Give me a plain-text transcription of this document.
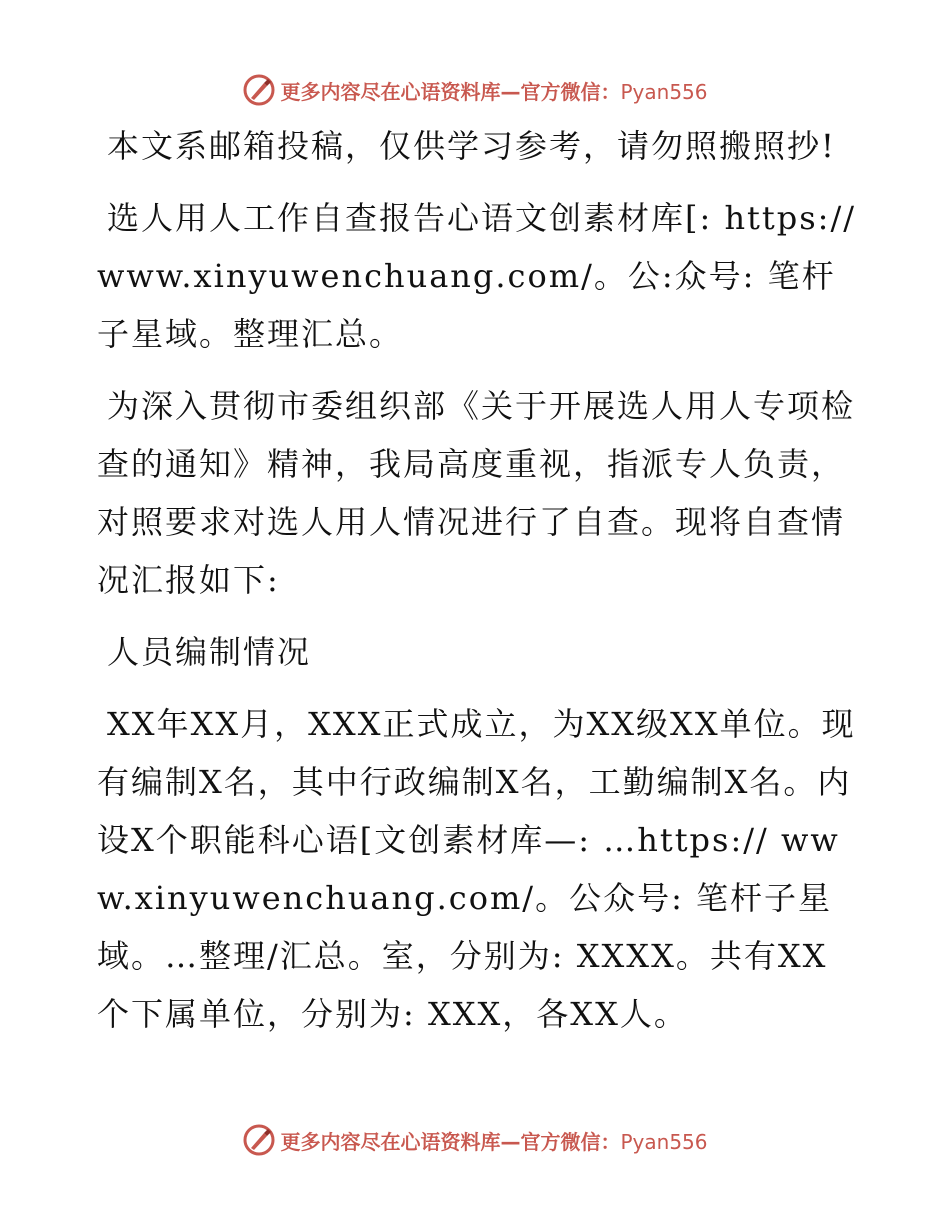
更多内容尽在心语资料库—官方微信：Pyan556

本文系邮箱投稿，仅供学习参考，请勿照搬照抄!

选人用人工作自查报告心语文创素材库[: https://www.xinyuwenchuang.com/。公:众号: 笔杆子星域。整理汇总。

为深入贯彻市委组织部《关于开展选人用人专项检查的通知》精神，我局高度重视，指派专人负责，对照要求对选人用人情况进行了自查。现将自查情况汇报如下:

人员编制情况

XX年XX月，XXX正式成立，为XX级XX单位。现有编制X名，其中行政编制X名，工勤编制X名。内设X个职能科心语[文创素材库—: …https:// www.xinyuwenchuang.com/。公众号: 笔杆子星域。…整理/汇总。室，分别为: XXXX。共有XX个下属单位，分别为: XXX，各XX人。

更多内容尽在心语资料库—官方微信：Pyan556
